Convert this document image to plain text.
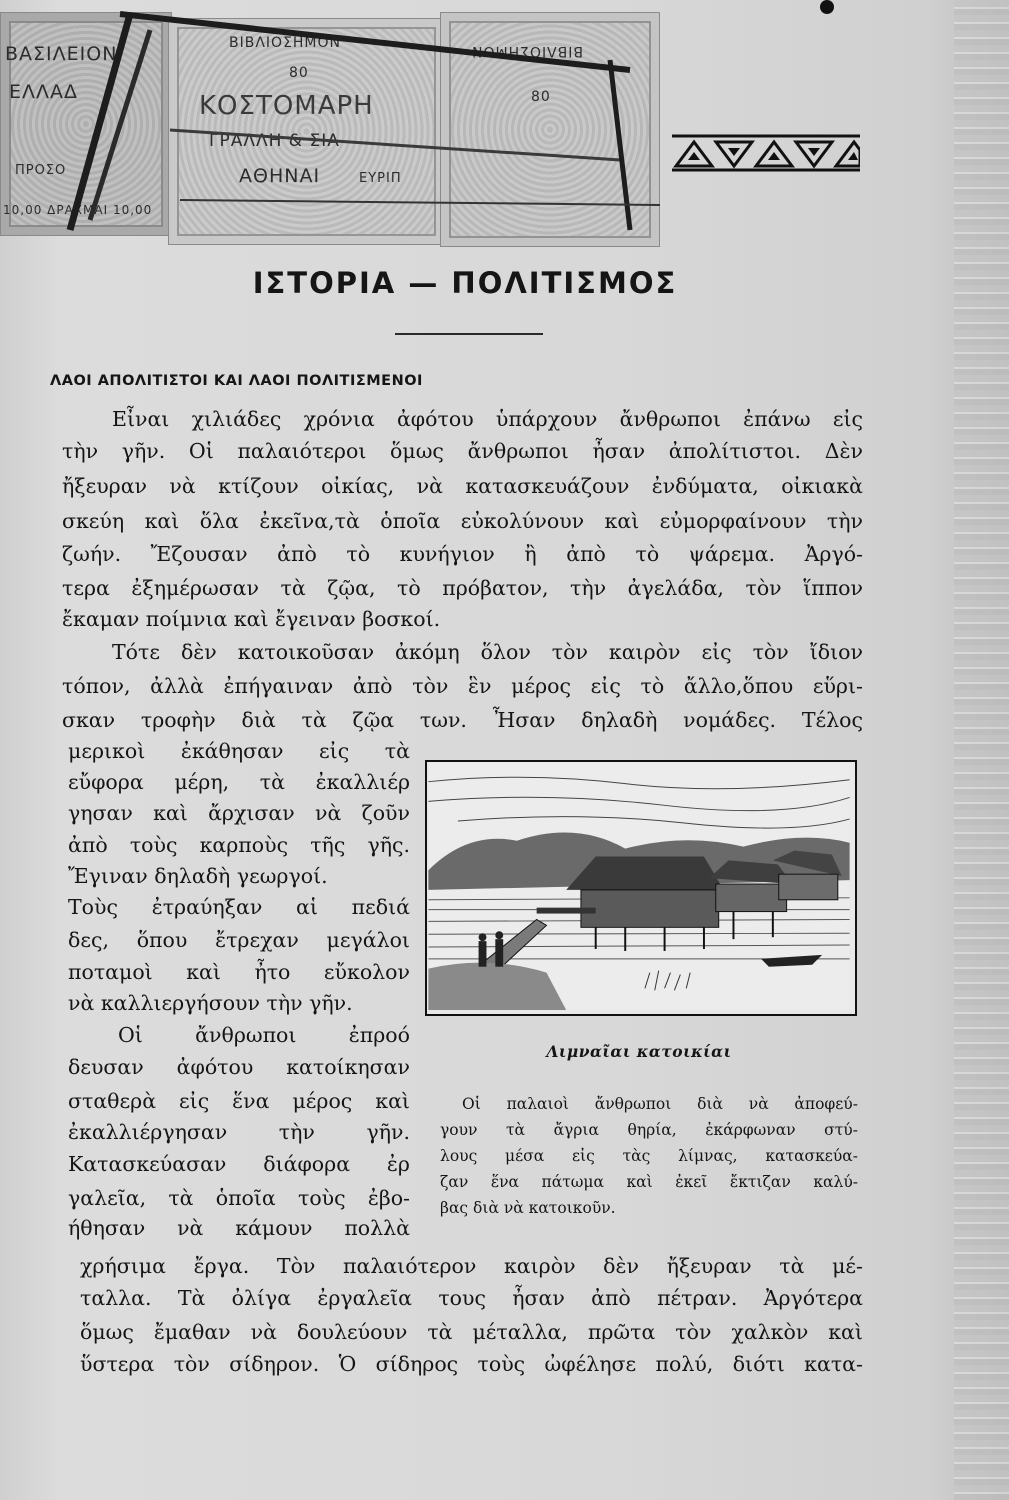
ΒΑΣΙΛΕΙΟΝ
ΕΛΛΑΔ
ΠΡΟΣΟ
10,00 ΔΡΑΧΜΑΙ 10,00
ΒΙΒΛΙΟΣΗΜΟΝ
80
ΚΟΣΤΟΜΑΡΗ
ΓΡΑΛΛΗ & ΣΙΑ
ΑΘΗΝΑΙ	ΕΥΡΙΠ
ΒΙΒΛΙΟΣΗΜΟΝ
80
ΙΣΤΟΡΙΑ — ΠΟΛΙΤΙΣΜΟΣ
ΛΑΟΙ ΑΠΟΛΙΤΙΣΤΟΙ ΚΑΙ ΛΑΟΙ ΠΟΛΙΤΙΣΜΕΝΟΙ
Εἶναι χιλιάδες χρόνια ἀφότου ὑπάρχουν ἄνθρωποι ἐπάνω εἰς
τὴν γῆν. Οἱ παλαιότεροι ὅμως ἄνθρωποι ἦσαν ἀπολίτιστοι. Δὲν
ἤξευραν νὰ κτίζουν οἰκίας, νὰ κατασκευάζουν ἐνδύματα, οἰκιακὰ
σκεύη καὶ ὅλα ἐκεῖνα,τὰ ὁποῖα εὐκολύνουν καὶ εὐμορφαίνουν τὴν
ζωήν. Ἔζουσαν ἀπὸ τὸ κυνήγιον ἢ ἀπὸ τὸ ψάρεμα. Ἀργό-
τερα ἐξημέρωσαν τὰ ζῷα, τὸ πρόβατον, τὴν ἀγελάδα, τὸν ἵππον
ἔκαμαν ποίμνια καὶ ἔγειναν βοσκοί.
Τότε δὲν κατοικοῦσαν ἀκόμη ὅλον τὸν καιρὸν εἰς τὸν ἴδιον
τόπον, ἀλλὰ ἐπήγαιναν ἀπὸ τὸν ἓν μέρος εἰς τὸ ἄλλο,ὅπου εὕρι-
σκαν τροφὴν διὰ τὰ ζῷα των. Ἦσαν δηλαδὴ νομάδες. Τέλος
μερικοὶ ἐκάθησαν εἰς τὰ
εὔφορα μέρη, τὰ ἐκαλλιέρ
γησαν καὶ ἄρχισαν νὰ ζοῦν
ἀπὸ τοὺς καρποὺς τῆς γῆς.
Ἔγιναν δηλαδὴ γεωργοί.
Τοὺς ἐτραύηξαν αἱ πεδιά
δες, ὅπου ἔτρεχαν μεγάλοι
ποταμοὶ καὶ ἦτο εὔκολον
νὰ καλλιεργήσουν τὴν γῆν.
Οἱ	ἄνθρωποι	ἐπροό
δευσαν ἀφότου κατοίκησαν
σταθερὰ εἰς ἕνα μέρος καὶ
ἐκαλλιέργησαν	τὴν	γῆν.
Κατασκεύασαν διάφορα ἐρ
γαλεῖα, τὰ ὁποῖα τοὺς ἐβο-
ήθησαν νὰ κάμουν πολλὰ
χρήσιμα ἔργα. Τὸν παλαιότερον καιρὸν δὲν ἤξευραν τὰ μέ-
ταλλα. Τὰ ὀλίγα ἐργαλεῖα τους ἦσαν ἀπὸ πέτραν. Ἀργότερα
ὅμως ἔμαθαν νὰ δουλεύουν τὰ μέταλλα, πρῶτα τὸν χαλκὸν καὶ
ὕστερα τὸν σίδηρον. Ὁ σίδηρος τοὺς ὠφέλησε πολύ, διότι κατα-
Λιμναῖαι κατοικίαι
Οἱ παλαιοὶ ἄνθρωποι διὰ νὰ ἀποφεύ-
γουν τὰ ἄγρια θηρία, ἐκάρφωναν στύ-
λους μέσα εἰς τὰς λίμνας, κατασκεύα-
ζαν ἕνα πάτωμα καὶ ἐκεῖ ἔκτιζαν καλύ-
βας διὰ νὰ κατοικοῦν.
